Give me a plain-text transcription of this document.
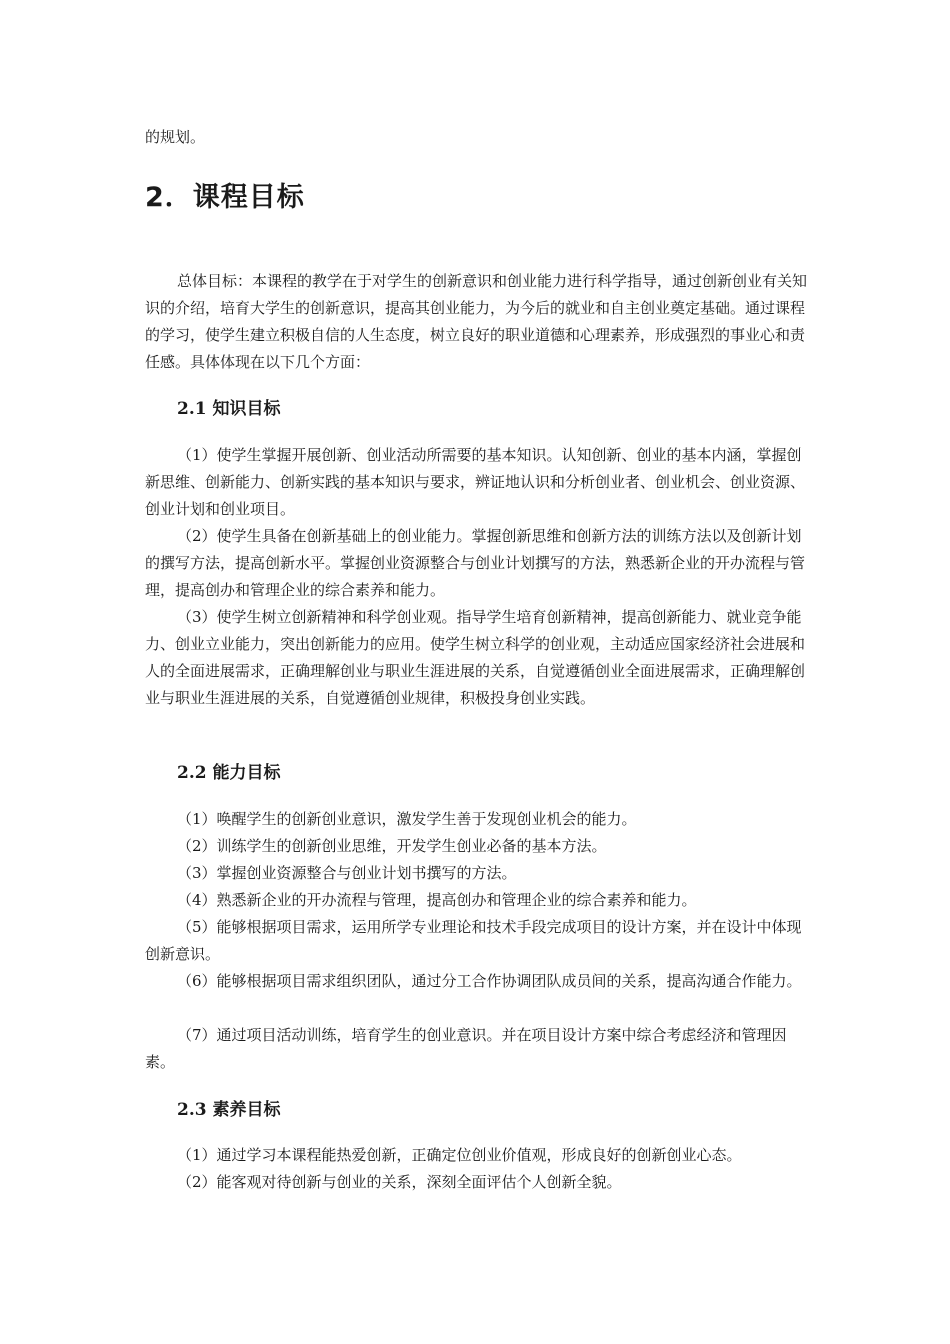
的规划。
2．课程目标

总体目标：本课程的教学在于对学生的创新意识和创业能力进行科学指导，通过创新创业有关知识的介绍，培育大学生的创新意识，提高其创业能力，为今后的就业和自主创业奠定基础。通过课程的学习，使学生建立积极自信的人生态度，树立良好的职业道德和心理素养，形成强烈的事业心和责任感。具体体现在以下几个方面：

2.1 知识目标

（1）使学生掌握开展创新、创业活动所需要的基本知识。认知创新、创业的基本内涵，掌握创新思维、创新能力、创新实践的基本知识与要求，辨证地认识和分析创业者、创业机会、创业资源、创业计划和创业项目。

（2）使学生具备在创新基础上的创业能力。掌握创新思维和创新方法的训练方法以及创新计划的撰写方法，提高创新水平。掌握创业资源整合与创业计划撰写的方法，熟悉新企业的开办流程与管理，提高创办和管理企业的综合素养和能力。

（3）使学生树立创新精神和科学创业观。指导学生培育创新精神，提高创新能力、就业竞争能力、创业立业能力，突出创新能力的应用。使学生树立科学的创业观，主动适应国家经济社会进展和人的全面进展需求，正确理解创业与职业生涯进展的关系，自觉遵循创业全面进展需求，正确理解创业与职业生涯进展的关系，自觉遵循创业规律，积极投身创业实践。

2.2 能力目标

（1）唤醒学生的创新创业意识，激发学生善于发现创业机会的能力。

（2）训练学生的创新创业思维，开发学生创业必备的基本方法。

（3）掌握创业资源整合与创业计划书撰写的方法。

（4）熟悉新企业的开办流程与管理，提高创办和管理企业的综合素养和能力。

（5）能够根据项目需求，运用所学专业理论和技术手段完成项目的设计方案，并在设计中体现创新意识。

（6）能够根据项目需求组织团队，通过分工合作协调团队成员间的关系，提高沟通合作能力。

（7）通过项目活动训练，培育学生的创业意识。并在项目设计方案中综合考虑经济和管理因素。

2.3 素养目标

（1）通过学习本课程能热爱创新，正确定位创业价值观，形成良好的创新创业心态。

（2）能客观对待创新与创业的关系，深刻全面评估个人创新全貌。
